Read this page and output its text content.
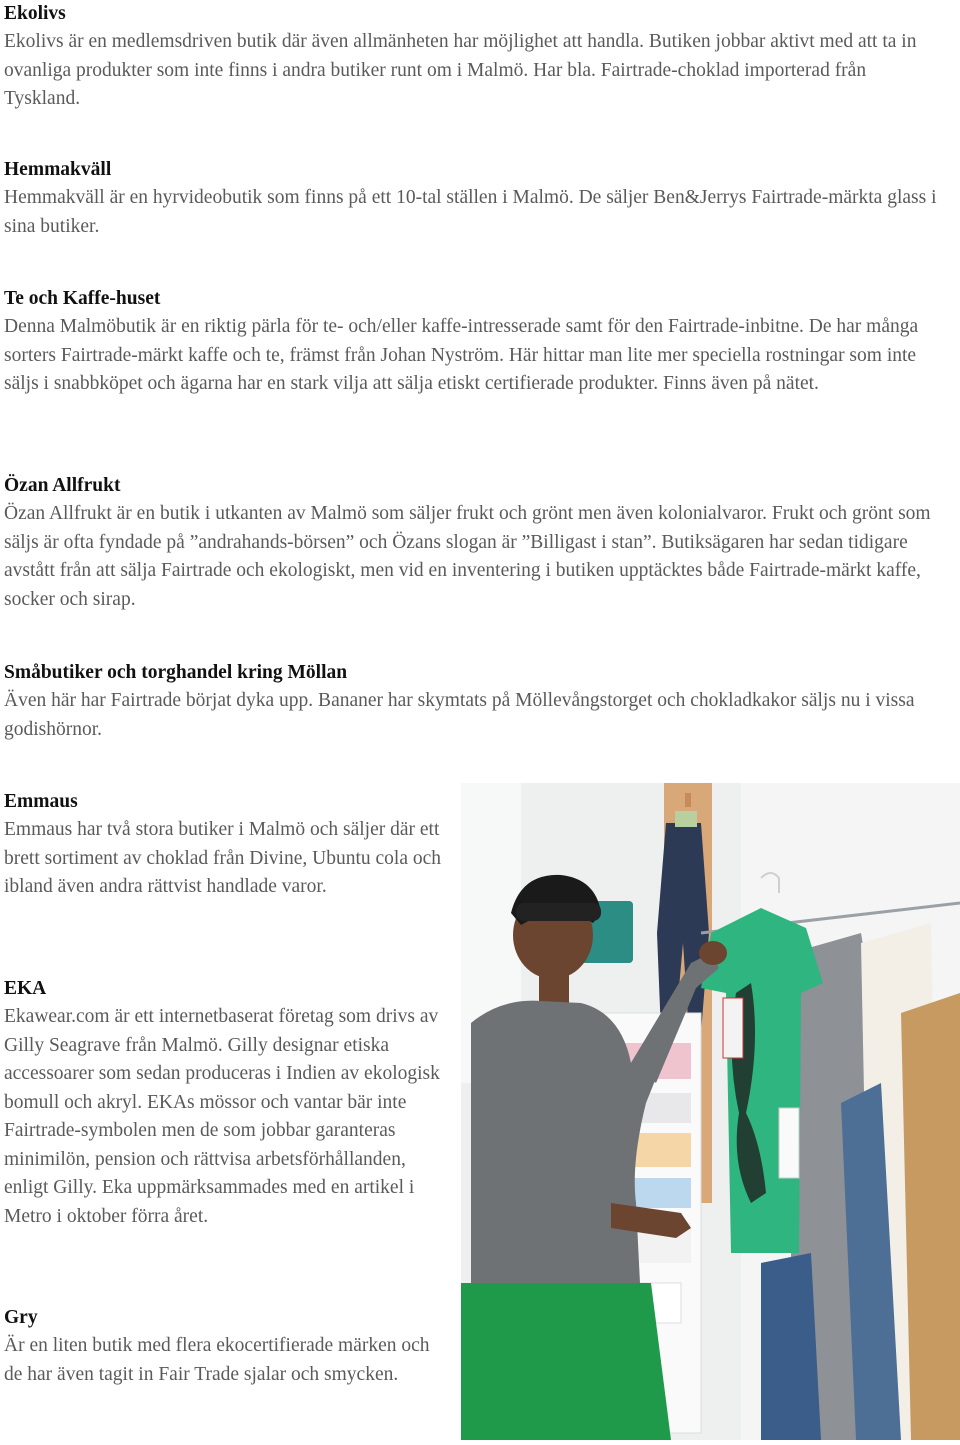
Ekolivs

Ekolivs är en medlemsdriven butik där även allmänheten har möjlighet att handla. Butiken jobbar aktivt med att ta in ovanliga produkter som inte finns i andra butiker runt om i Malmö. Har bla. Fairtrade-choklad importerad från Tyskland.

Hemmakväll

Hemmakväll är en hyrvideobutik som finns på ett 10-tal ställen i Malmö. De säljer Ben&Jerrys Fairtrade-märkta glass i sina butiker.

Te och Kaffe-huset

Denna Malmöbutik är en riktig pärla för te- och/eller kaffe-intresserade samt för den Fairtrade-inbitne. De har många sorters Fairtrade-märkt kaffe och te, främst från Johan Nyström. Här hittar man lite mer speciella rostningar som inte säljs i snabbköpet och ägarna har en stark vilja att sälja etiskt certifierade produkter. Finns även på nätet.

Özan Allfrukt

Özan Allfrukt är en butik i utkanten av Malmö som säljer frukt och grönt men även kolonialvaror. Frukt och grönt som säljs är ofta fyndade på ”andrahands-börsen” och Özans slogan är ”Billigast i stan”. Butiksägaren har sedan tidigare avstått från att sälja Fairtrade och ekologiskt, men vid en inventering i butiken upptäcktes både Fairtrade-märkt kaffe, socker och sirap.

Småbutiker och torghandel kring Möllan

Även här har Fairtrade börjat dyka upp. Bananer har skymtats på Möllevångstorget och chokladkakor säljs nu i vissa godishörnor.

Emmaus

Emmaus har två stora butiker i Malmö och säljer där ett brett sortiment av choklad från Divine, Ubuntu cola och ibland även andra rättvist handlade varor.

EKA

Ekawear.com är ett internetbaserat företag som drivs av Gilly Seagrave från Malmö. Gilly designar etiska accessoarer som sedan produceras i Indien av ekologisk bomull och akryl. EKAs mössor och vantar bär inte Fairtrade-symbolen men de som jobbar garanteras minimilön, pension och rättvisa arbetsförhållanden, enligt Gilly. Eka uppmärksammades med en artikel i Metro i oktober förra året.

Gry

Är en liten butik med flera ekocertifierade märken och de har även tagit in Fair Trade sjalar och smycken.
